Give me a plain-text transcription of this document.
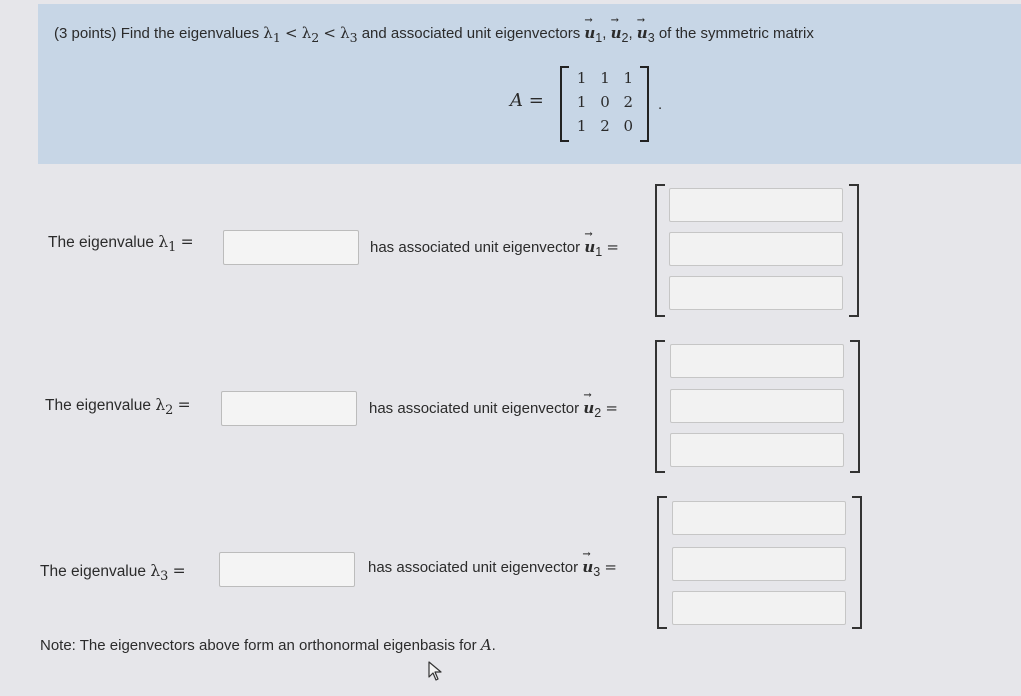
(3 points) Find the eigenvalues $\lambda_1 < \lambda_2 < \lambda_3$ and associated unit eigenvectors → $u_1$, → $u_2$, → $u_3$ of the symmetric matrix
A =
1 1 1
1 0 2
1 2 0
.
The eigenvalue $\lambda_1$ =	has associated unit eigenvector → $u_1$ =
The eigenvalue $\lambda_2$ =	has associated unit eigenvector → $u_2$ =
The eigenvalue $\lambda_3$ =	has associated unit eigenvector → $u_3$ =
Note: The eigenvectors above form an orthonormal eigenbasis for A.
